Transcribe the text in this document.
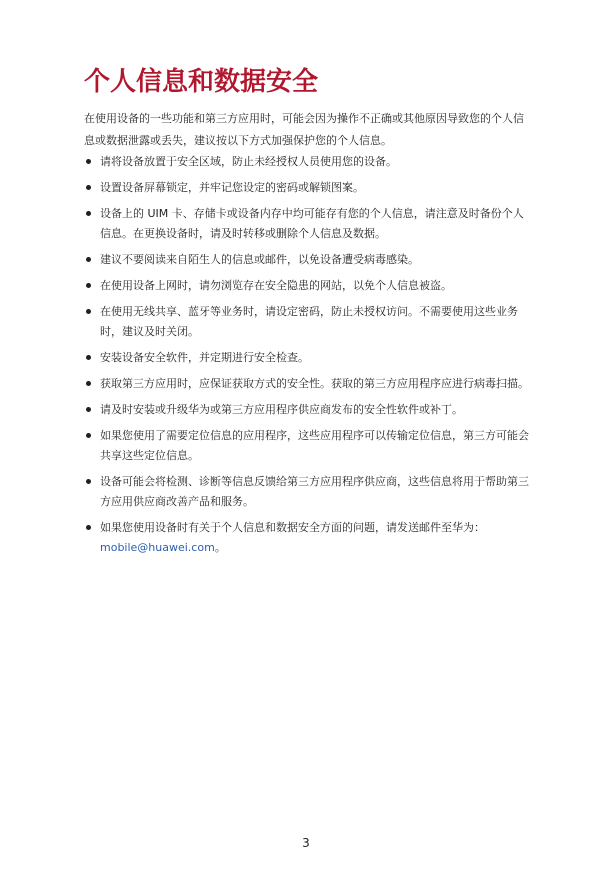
个人信息和数据安全

在使用设备的一些功能和第三方应用时，可能会因为操作不正确或其他原因导致您的个人信息或数据泄露或丢失，建议按以下方式加强保护您的个人信息。

请将设备放置于安全区域，防止未经授权人员使用您的设备。
设置设备屏幕锁定，并牢记您设定的密码或解锁图案。
设备上的 UIM 卡、存储卡或设备内存中均可能存有您的个人信息，请注意及时备份个人信息。在更换设备时，请及时转移或删除个人信息及数据。
建议不要阅读来自陌生人的信息或邮件，以免设备遭受病毒感染。
在使用设备上网时，请勿浏览存在安全隐患的网站，以免个人信息被盗。
在使用无线共享、蓝牙等业务时，请设定密码，防止未授权访问。不需要使用这些业务时，建议及时关闭。
安装设备安全软件，并定期进行安全检查。
获取第三方应用时，应保证获取方式的安全性。获取的第三方应用程序应进行病毒扫描。
请及时安装或升级华为或第三方应用程序供应商发布的安全性软件或补丁。
如果您使用了需要定位信息的应用程序，这些应用程序可以传输定位信息，第三方可能会共享这些定位信息。
设备可能会将检测、诊断等信息反馈给第三方应用程序供应商，这些信息将用于帮助第三方应用供应商改善产品和服务。
如果您使用设备时有关于个人信息和数据安全方面的问题，请发送邮件至华为：mobile@huawei.com。
3
